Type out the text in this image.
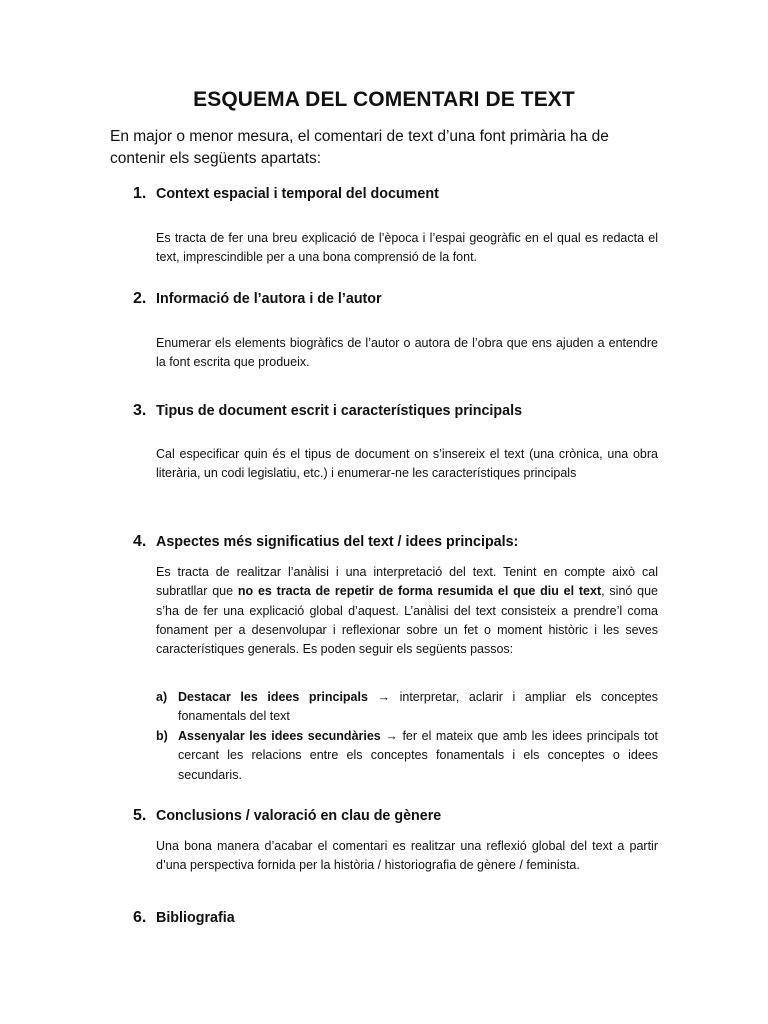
ESQUEMA DEL COMENTARI DE TEXT
En major o menor mesura, el comentari de text d’una font primària ha de contenir els següents apartats:
1. Context espacial i temporal del document
Es tracta de fer una breu explicació de l’època i l’espai geogràfic en el qual es redacta el text, imprescindible per a una bona comprensió de la font.
2. Informació de l’autora i de l’autor
Enumerar els elements biogràfics de l’autor o autora de l’obra que ens ajuden a entendre la font escrita que produeix.
3. Tipus de document escrit i característiques principals
Cal especificar quin és el tipus de document on s’insereix el text (una crònica, una obra literària, un codi legislatiu, etc.) i enumerar-ne les característiques principals
4. Aspectes més significatius del text / idees principals:
Es tracta de realitzar l’anàlisi i una interpretació del text. Tenint en compte això cal subratllar que no es tracta de repetir de forma resumida el que diu el text, sinó que s’ha de fer una explicació global d’aquest. L’anàlisi del text consisteix a prendre’l coma fonament per a desenvolupar i reflexionar sobre un fet o moment històric i les seves característiques generals. Es poden seguir els següents passos:
a) Destacar les idees principals → interpretar, aclarir i ampliar els conceptes fonamentals del text
b) Assenyalar les idees secundàries → fer el mateix que amb les idees principals tot cercant les relacions entre els conceptes fonamentals i els conceptes o idees secundaris.
5. Conclusions / valoració en clau de gènere
Una bona manera d’acabar el comentari es realitzar una reflexió global del text a partir d’una perspectiva fornida per la història / historiografia de gènere / feminista.
6. Bibliografia
